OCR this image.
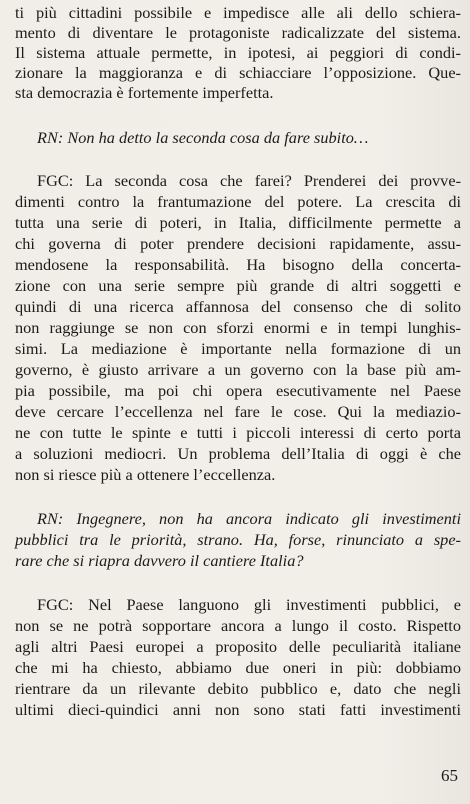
ti più cittadini possibile e impedisce alle ali dello schiera-
mento di diventare le protagoniste radicalizzate del sistema.
Il sistema attuale permette, in ipotesi, ai peggiori di condi-
zionare la maggioranza e di schiacciare l’opposizione. Que-
sta democrazia è fortemente imperfetta.
RN: Non ha detto la seconda cosa da fare subito…
FGC: La seconda cosa che farei? Prenderei dei provve-
dimenti contro la frantumazione del potere. La crescita di
tutta una serie di poteri, in Italia, difficilmente permette a
chi governa di poter prendere decisioni rapidamente, assu-
mendosene la responsabilità. Ha bisogno della concerta-
zione con una serie sempre più grande di altri soggetti e
quindi di una ricerca affannosa del consenso che di solito
non raggiunge se non con sforzi enormi e in tempi lunghis-
simi. La mediazione è importante nella formazione di un
governo, è giusto arrivare a un governo con la base più am-
pia possibile, ma poi chi opera esecutivamente nel Paese
deve cercare l’eccellenza nel fare le cose. Qui la mediazio-
ne con tutte le spinte e tutti i piccoli interessi di certo porta
a soluzioni mediocri. Un problema dell’Italia di oggi è che
non si riesce più a ottenere l’eccellenza.
RN: Ingegnere, non ha ancora indicato gli investimenti
pubblici tra le priorità, strano. Ha, forse, rinunciato a spe-
rare che si riapra davvero il cantiere Italia?
FGC: Nel Paese languono gli investimenti pubblici, e
non se ne potrà sopportare ancora a lungo il costo. Rispetto
agli altri Paesi europei a proposito delle peculiarità italiane
che mi ha chiesto, abbiamo due oneri in più: dobbiamo
rientrare da un rilevante debito pubblico e, dato che negli
ultimi dieci-quindici anni non sono stati fatti investimenti
65
